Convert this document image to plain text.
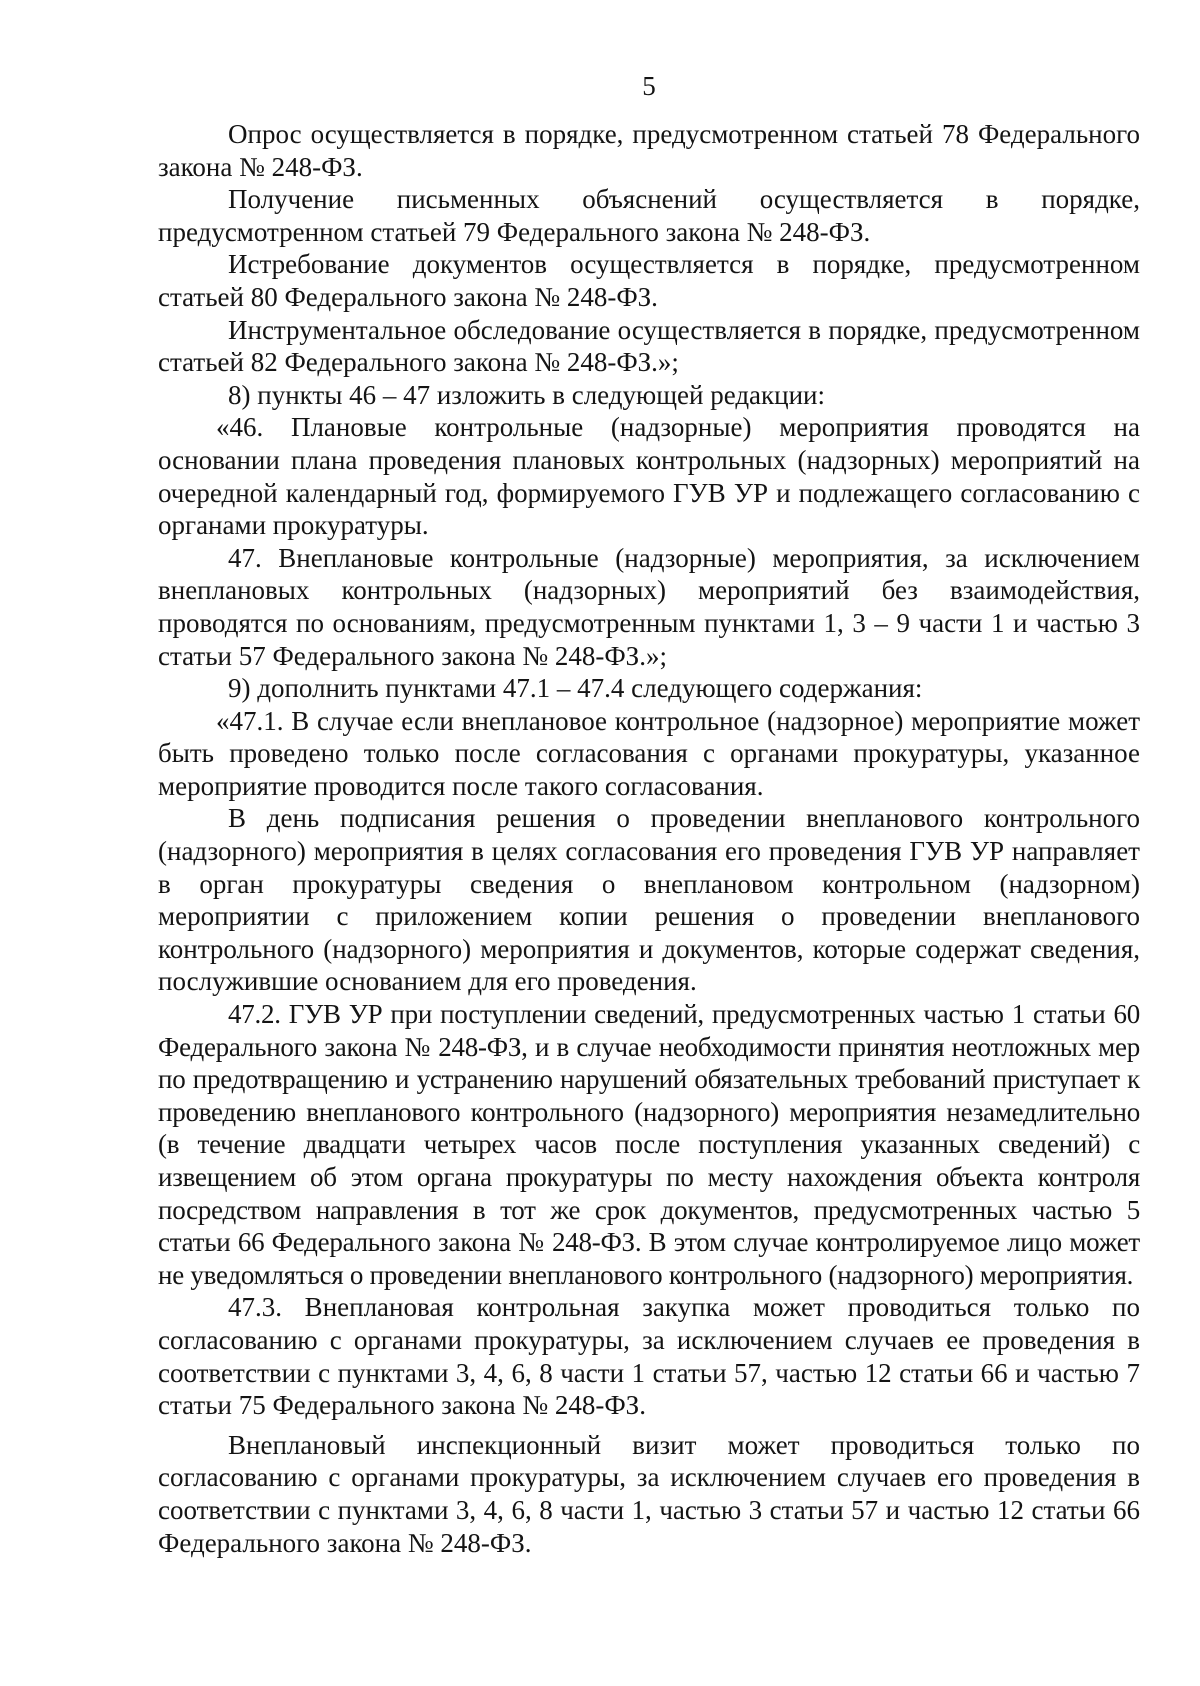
5

Опрос осуществляется в порядке, предусмотренном статьей 78 Федерального закона № 248-ФЗ.

Получение письменных объяснений осуществляется в порядке, предусмотренном статьей 79 Федерального закона № 248-ФЗ.

Истребование документов осуществляется в порядке, предусмотренном статьей 80 Федерального закона № 248-ФЗ.

Инструментальное обследование осуществляется в порядке, предусмотренном статьей 82 Федерального закона № 248-ФЗ.»;

8) пункты 46 – 47 изложить в следующей редакции:

«46. Плановые контрольные (надзорные) мероприятия проводятся на основании плана проведения плановых контрольных (надзорных) мероприятий на очередной календарный год, формируемого ГУВ УР и подлежащего согласованию с органами прокуратуры.

47. Внеплановые контрольные (надзорные) мероприятия, за исключением внеплановых контрольных (надзорных) мероприятий без взаимодействия, проводятся по основаниям, предусмотренным пунктами 1, 3 – 9 части 1 и частью 3 статьи 57 Федерального закона № 248-ФЗ.»;

9) дополнить пунктами 47.1 – 47.4 следующего содержания:

«47.1. В случае если внеплановое контрольное (надзорное) мероприятие может быть проведено только после согласования с органами прокуратуры, указанное мероприятие проводится после такого согласования.

В день подписания решения о проведении внепланового контрольного (надзорного) мероприятия в целях согласования его проведения ГУВ УР направляет в орган прокуратуры сведения о внеплановом контрольном (надзорном) мероприятии с приложением копии решения о проведении внепланового контрольного (надзорного) мероприятия и документов, которые содержат сведения, послужившие основанием для его проведения.

47.2. ГУВ УР при поступлении сведений, предусмотренных частью 1 статьи 60 Федерального закона № 248-ФЗ, и в случае необходимости принятия неотложных мер по предотвращению и устранению нарушений обязательных требований приступает к проведению внепланового контрольного (надзорного) мероприятия незамедлительно (в течение двадцати четырех часов после поступления указанных сведений) с извещением об этом органа прокуратуры по месту нахождения объекта контроля посредством направления в тот же срок документов, предусмотренных частью 5 статьи 66 Федерального закона № 248-ФЗ. В этом случае контролируемое лицо может не уведомляться о проведении внепланового контрольного (надзорного) мероприятия.

47.3. Внеплановая контрольная закупка может проводиться только по согласованию с органами прокуратуры, за исключением случаев ее проведения в соответствии с пунктами 3, 4, 6, 8 части 1 статьи 57, частью 12 статьи 66 и частью 7 статьи 75 Федерального закона № 248-ФЗ.

Внеплановый инспекционный визит может проводиться только по согласованию с органами прокуратуры, за исключением случаев его проведения в соответствии с пунктами 3, 4, 6, 8 части 1, частью 3 статьи 57 и частью 12 статьи 66 Федерального закона № 248-ФЗ.
